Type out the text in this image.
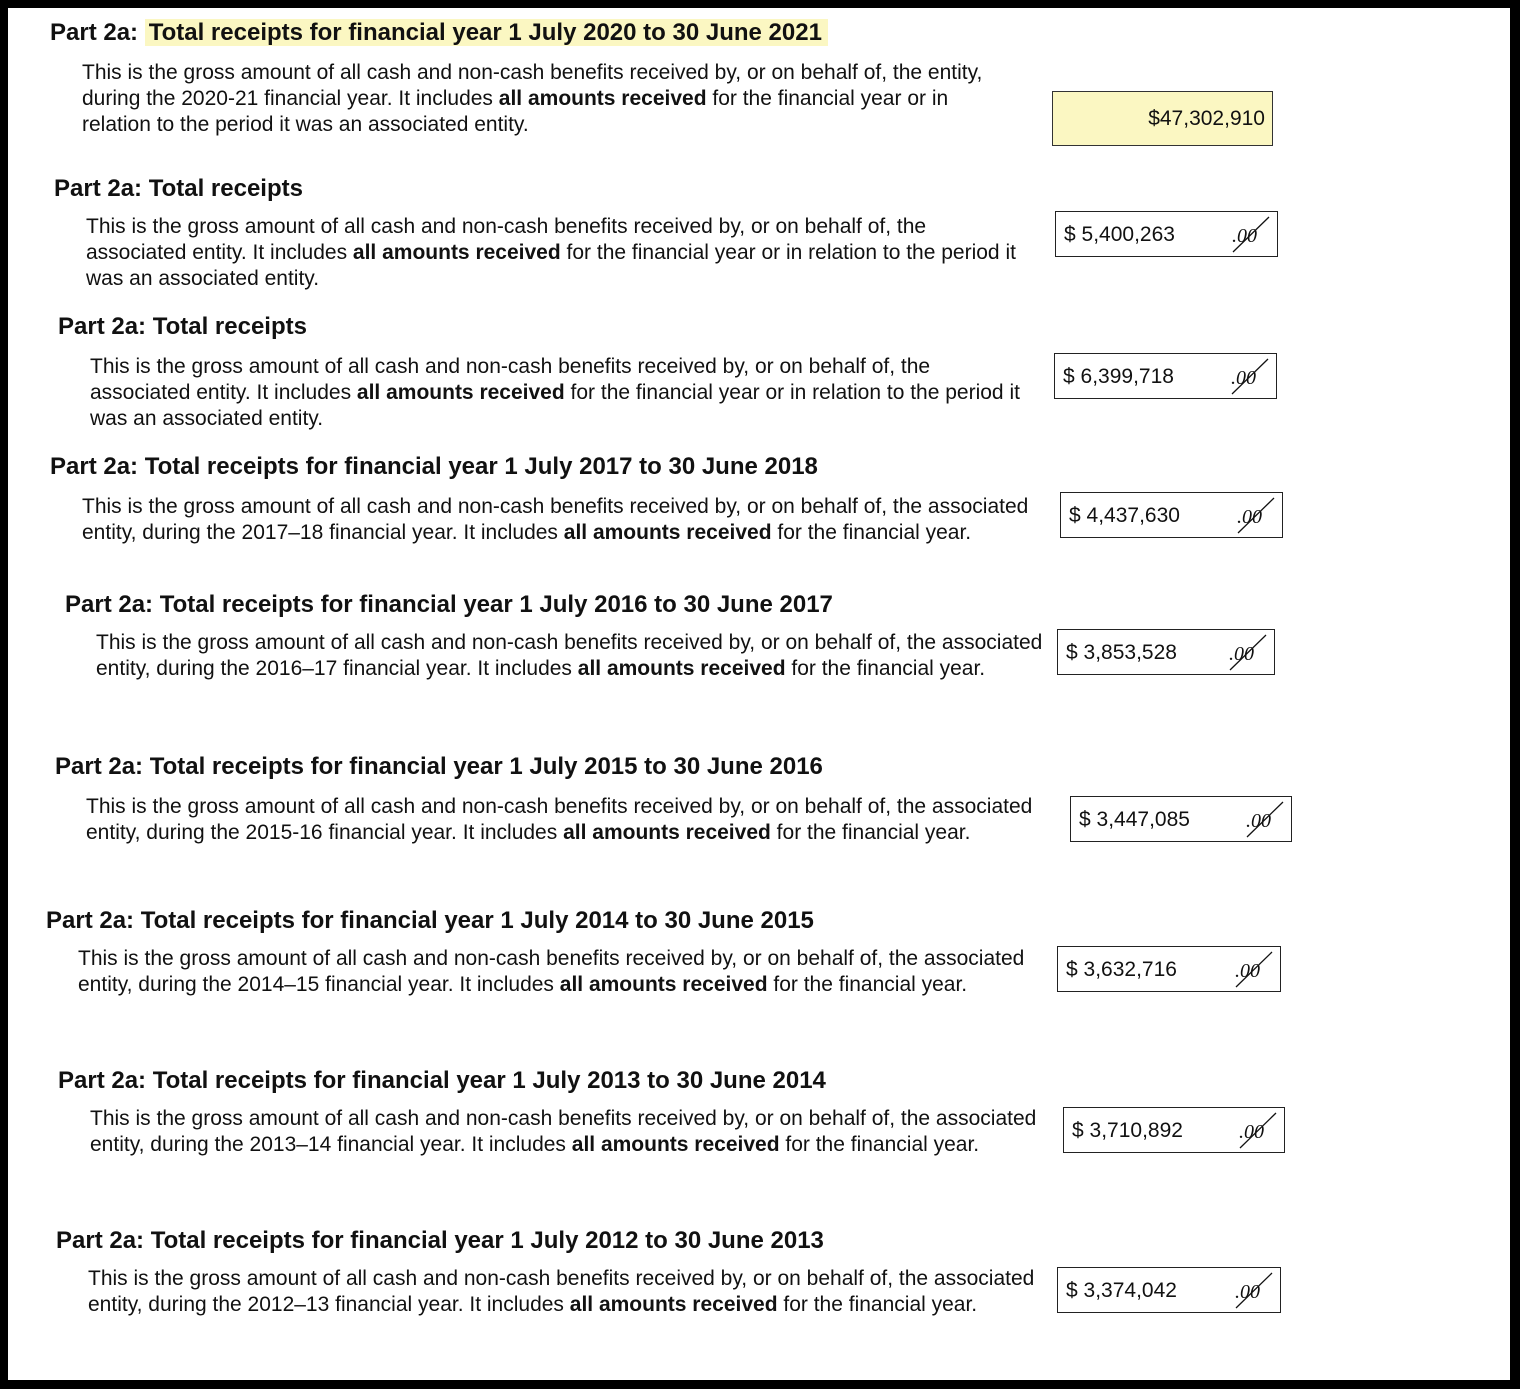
Part 2a: Total receipts for financial year 1 July 2020 to 30 June 2021
This is the gross amount of all cash and non-cash benefits received by, or on behalf of, the entity, during the 2020-21 financial year. It includes all amounts received for the financial year or in relation to the period it was an associated entity.	$47,302,910
Part 2a: Total receipts
This is the gross amount of all cash and non-cash benefits received by, or on behalf of, the associated entity. It includes all amounts received for the financial year or in relation to the period it was an associated entity.
$ 5,400,263	.00
Part 2a: Total receipts
This is the gross amount of all cash and non-cash benefits received by, or on behalf of, the associated entity. It includes all amounts received for the financial year or in relation to the period it was an associated entity.
$ 6,399,718	.00
Part 2a: Total receipts for financial year 1 July 2017 to 30 June 2018
This is the gross amount of all cash and non-cash benefits received by, or on behalf of, the associated entity, during the 2017–18 financial year. It includes all amounts received for the financial year.
$ 4,437,630	.00
Part 2a: Total receipts for financial year 1 July 2016 to 30 June 2017
This is the gross amount of all cash and non-cash benefits received by, or on behalf of, the associated entity, during the 2016–17 financial year. It includes all amounts received for the financial year.
$ 3,853,528	.00
Part 2a: Total receipts for financial year 1 July 2015 to 30 June 2016
This is the gross amount of all cash and non-cash benefits received by, or on behalf of, the associated entity, during the 2015-16 financial year. It includes all amounts received for the financial year.
$ 3,447,085	.00
Part 2a: Total receipts for financial year 1 July 2014 to 30 June 2015
This is the gross amount of all cash and non-cash benefits received by, or on behalf of, the associated entity, during the 2014–15 financial year. It includes all amounts received for the financial year.
$ 3,632,716	.00
Part 2a: Total receipts for financial year 1 July 2013 to 30 June 2014
This is the gross amount of all cash and non-cash benefits received by, or on behalf of, the associated entity, during the 2013–14 financial year. It includes all amounts received for the financial year.
$ 3,710,892	.00
Part 2a: Total receipts for financial year 1 July 2012 to 30 June 2013
This is the gross amount of all cash and non-cash benefits received by, or on behalf of, the associated entity, during the 2012–13 financial year. It includes all amounts received for the financial year.
$ 3,374,042	.00
